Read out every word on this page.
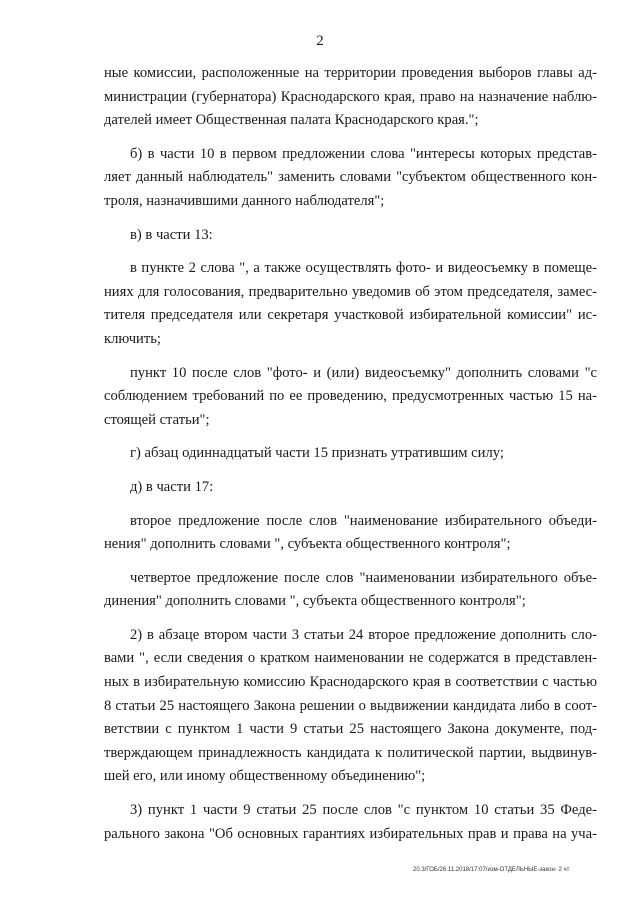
2
ные комиссии, расположенные на территории проведения выборов главы ад-
министрации (губернатора) Краснодарского края, право на назначение наблю-
дателей имеет Общественная палата Краснодарского края.";
б) в части 10 в первом предложении слова "интересы которых представ-
ляет данный наблюдатель" заменить словами "субъектом общественного кон-
троля, назначившими данного наблюдателя";
в) в части 13:
в пункте 2 слова ", а также осуществлять фото- и видеосъемку в помеще-
ниях для голосования, предварительно уведомив об этом председателя, замес-
тителя председателя или секретаря участковой избирательной комиссии" ис-
ключить;
пункт 10 после слов "фото- и (или) видеосъемку" дополнить словами "с
соблюдением требований по ее проведению, предусмотренных частью 15 на-
стоящей статьи";
г) абзац одиннадцатый части 15 признать утратившим силу;
д) в части 17:
второе предложение после слов "наименование избирательного объеди-
нения" дополнить словами ", субъекта общественного контроля";
четвертое предложение после слов "наименовании избирательного объе-
динения" дополнить словами ", субъекта общественного контроля";
2) в абзаце втором части 3 статьи 24 второе предложение дополнить сло-
вами ", если сведения о кратком наименовании не содержатся в представлен-
ных в избирательную комиссию Краснодарского края в соответствии с частью
8 статьи 25 настоящего Закона решении о выдвижении кандидата либо в соот-
ветствии с пунктом 1 части 9 статьи 25 настоящего Закона документе, под-
тверждающем принадлежность кандидата к политической партии, выдвинув-
шей его, или иному общественному объединению";
3) пункт 1 части 9 статьи 25 после слов "с пунктом 10 статьи 35 Феде-
рального закона "Об основных гарантиях избирательных прав и права на уча-
20.3/ГОБ/26.11.2018/17:07/изм-ОТДЕЛЬНЫЕ-закон- 2 чт
